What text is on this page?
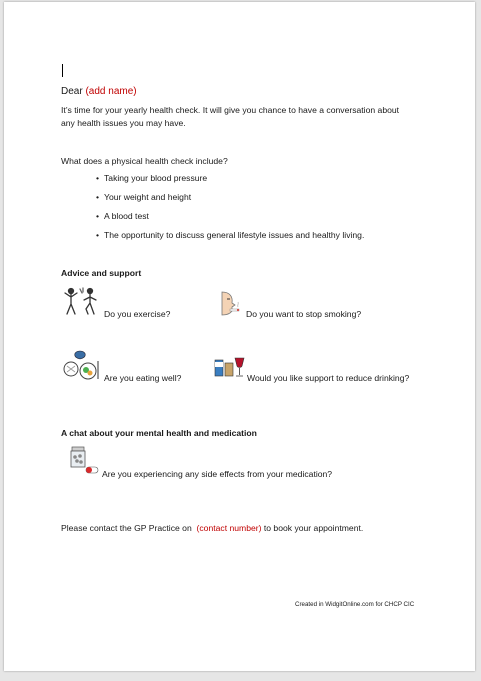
Dear (add name)
It’s time for your yearly health check. It will give you chance to have a conversation about
any health issues you may have.
What does a physical health check include?
• Taking your blood pressure
• Your weight and height
• A blood test
• The opportunity to discuss general lifestyle issues and healthy living.
Advice and support
Do you exercise?	Do you want to stop smoking?
Are you eating well?	Would you like support to reduce drinking?
A chat about your mental health and medication
Are you experiencing any side effects from your medication?
Please contact the GP Practice on (contact number) to book your appointment.
Created in WidgitOnline.com for CHCP CIC
